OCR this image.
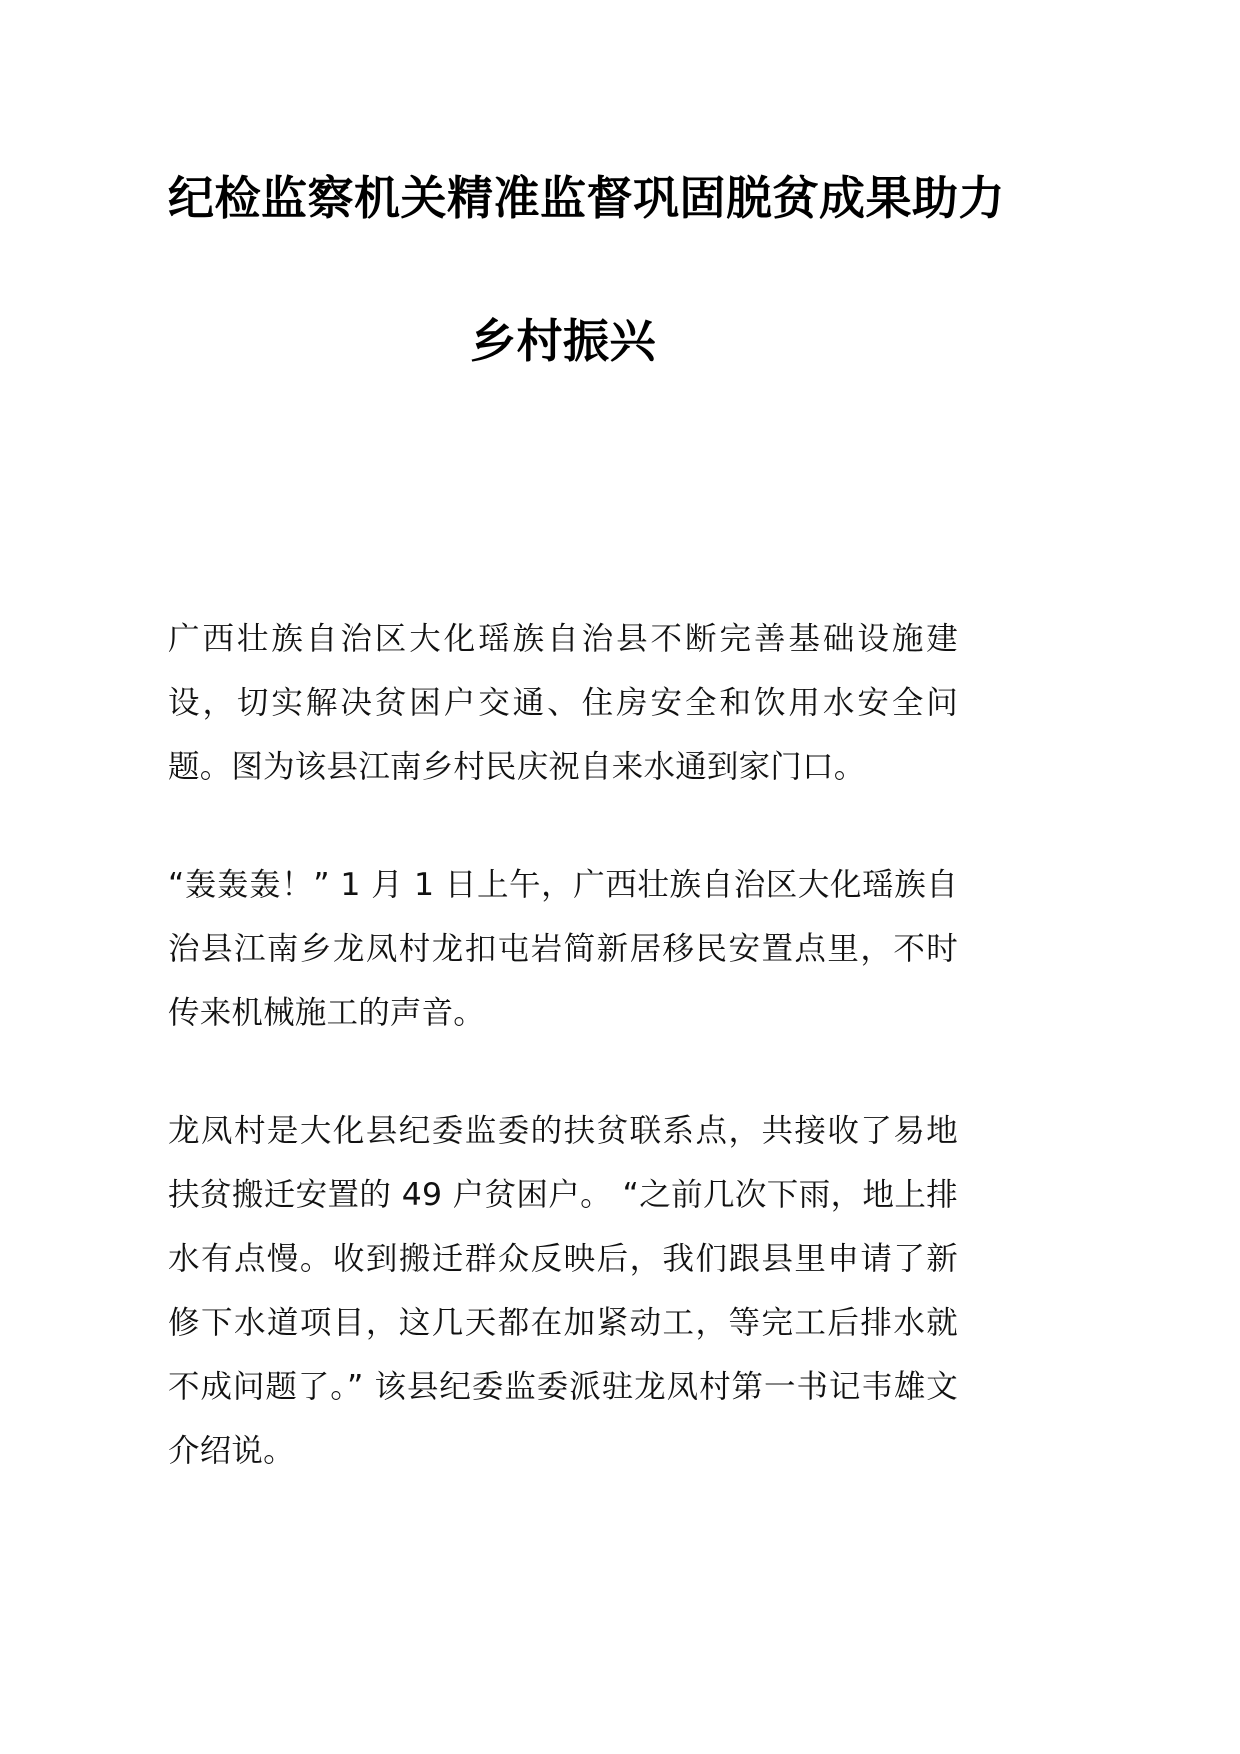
纪检监察机关精准监督巩固脱贫成果助力
乡村振兴

广西壮族自治区大化瑶族自治县不断完善基础设施建设，切实解决贫困户交通、住房安全和饮用水安全问题。图为该县江南乡村民庆祝自来水通到家门口。

“轰轰轰！” 1 月 1 日上午，广西壮族自治区大化瑶族自治县江南乡龙凤村龙扣屯岩简新居移民安置点里，不时传来机械施工的声音。

龙凤村是大化县纪委监委的扶贫联系点，共接收了易地扶贫搬迁安置的 49 户贫困户。 “之前几次下雨，地上排水有点慢。收到搬迁群众反映后，我们跟县里申请了新修下水道项目，这几天都在加紧动工，等完工后排水就不成问题了。” 该县纪委监委派驻龙凤村第一书记韦雄文介绍说。
